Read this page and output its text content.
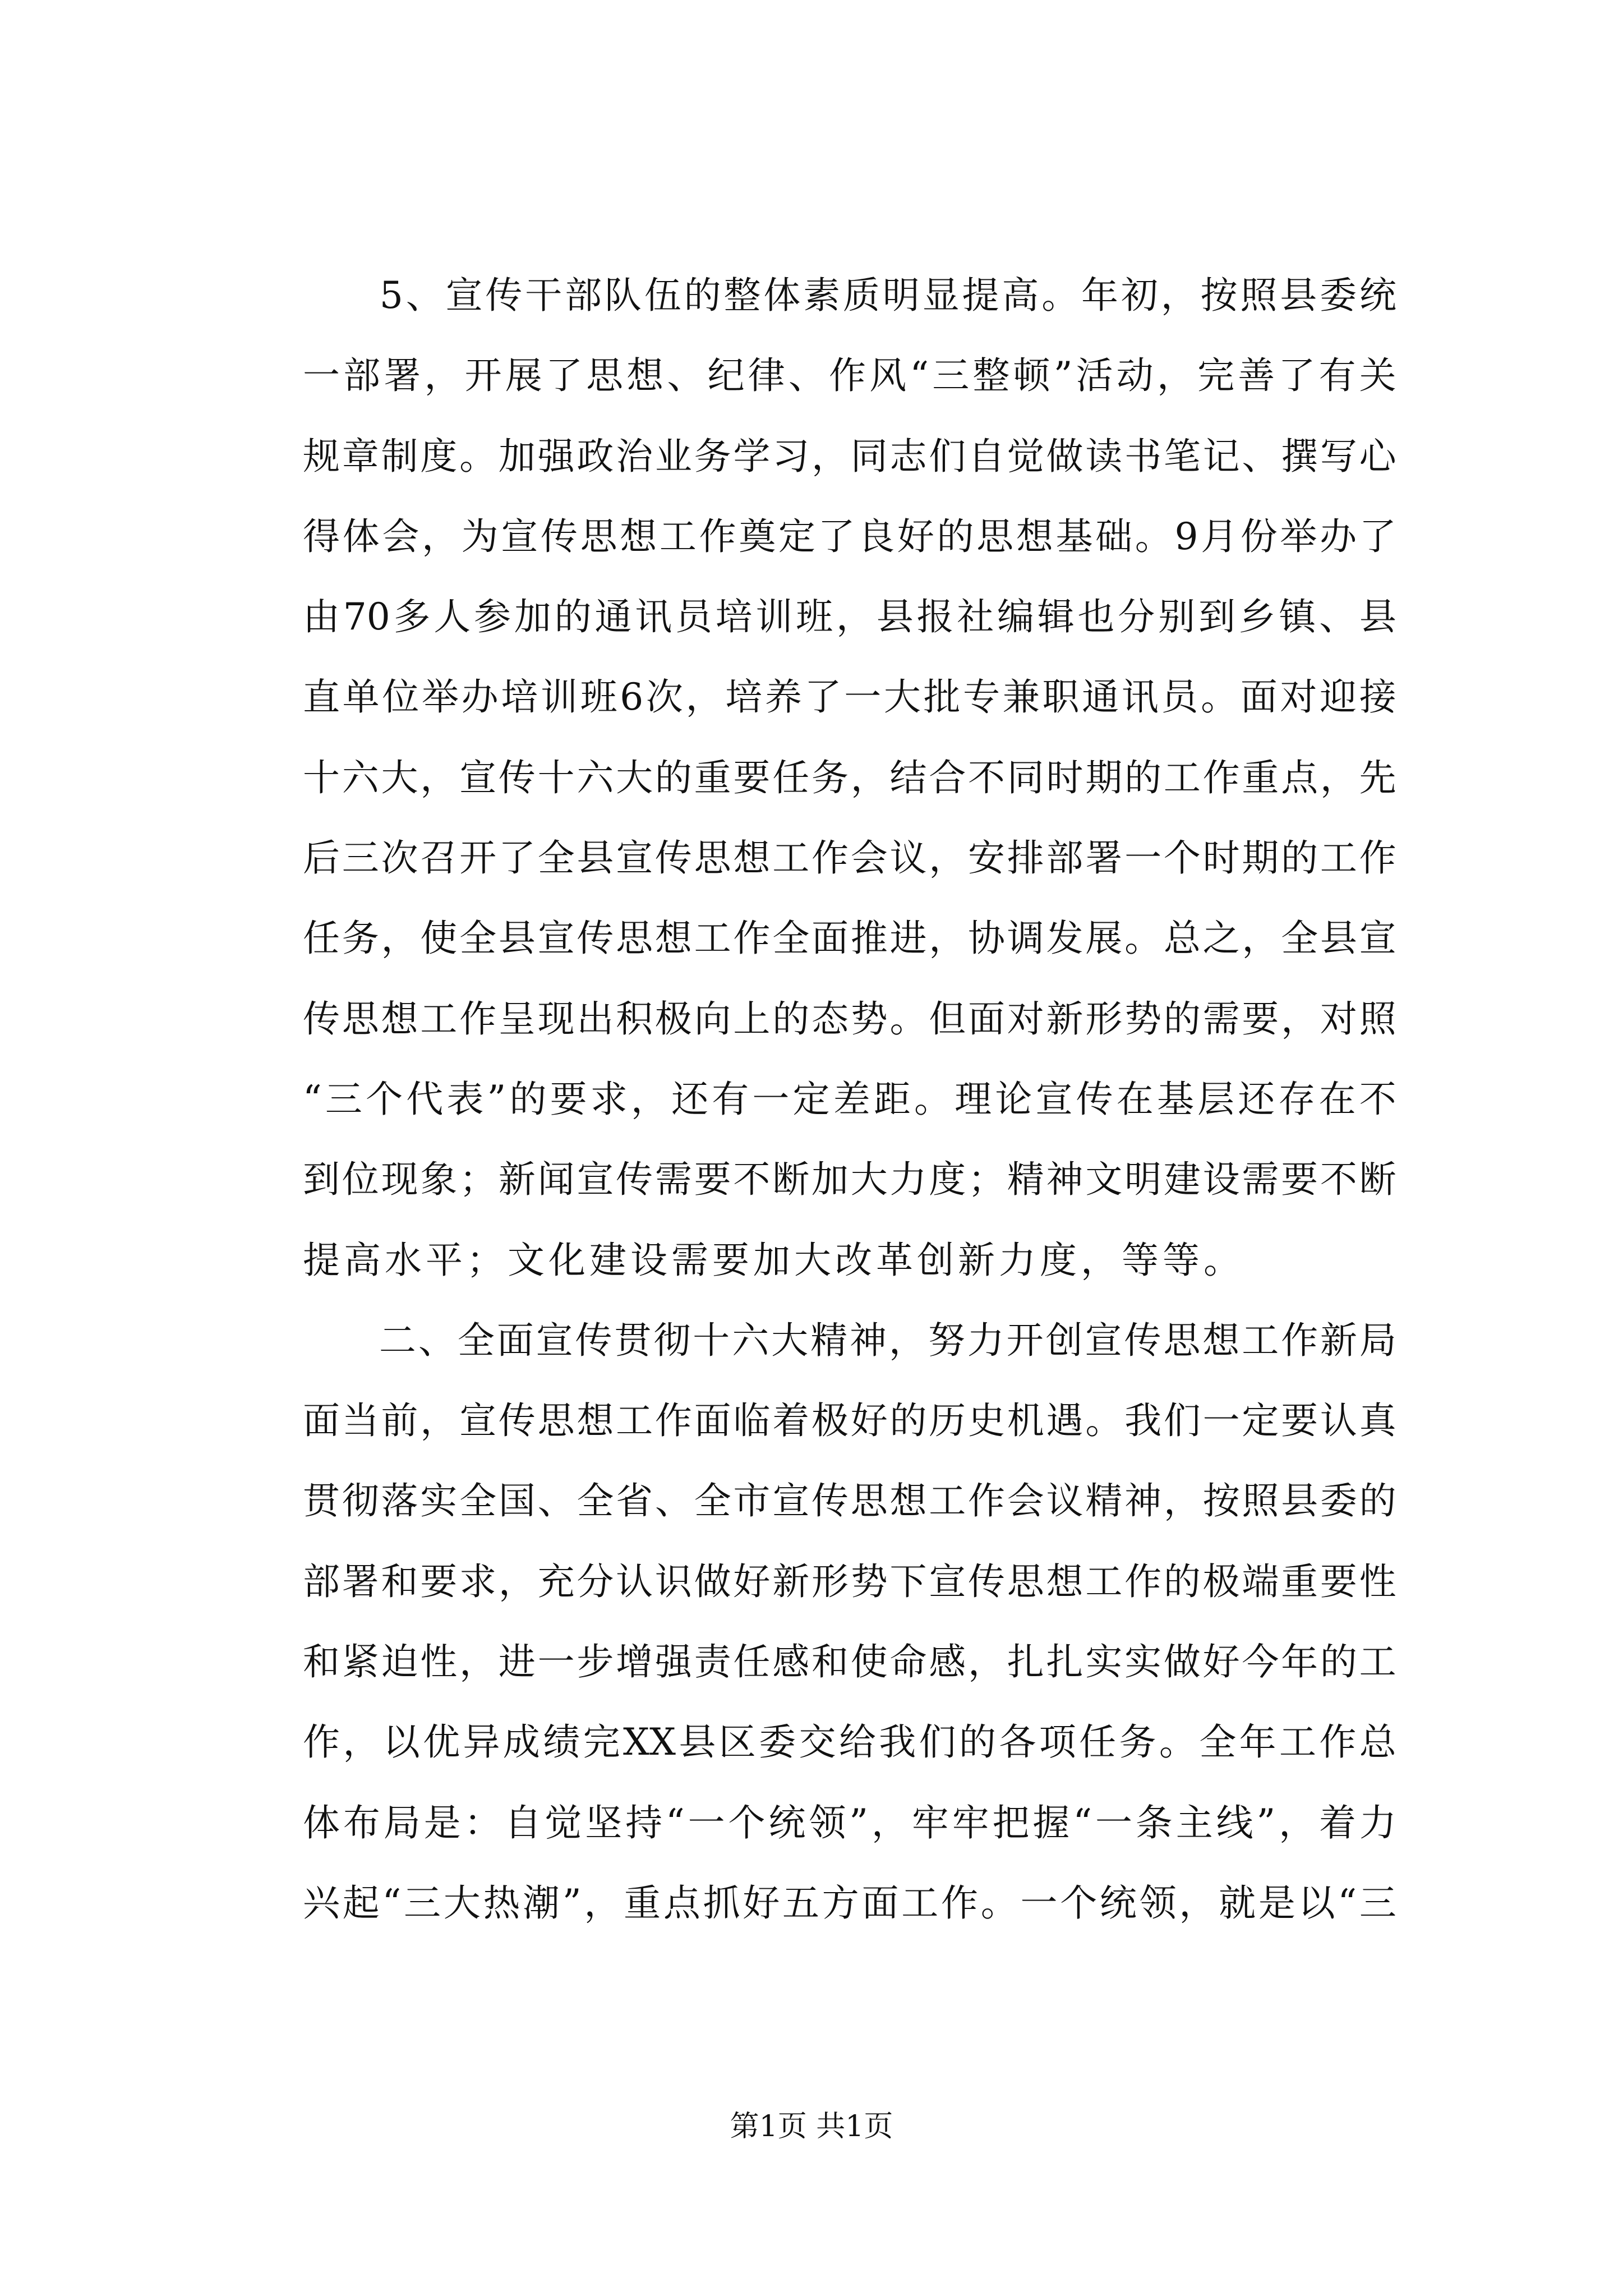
5 、 宣 传 干 部 队 伍 的 整 体 素 质 明 显 提 高 。 年 初 ， 按 照 县 委 统
一 部 署 ， 开 展 了 思 想 、 纪 律 、 作 风 “ 三 整 顿 ” 活 动 ， 完 善 了 有 关
规 章 制 度 。 加 强 政 治 业 务 学 习 ， 同 志 们 自 觉 做 读 书 笔 记 、 撰 写 心
得 体 会 ， 为 宣 传 思 想 工 作 奠 定 了 良 好 的 思 想 基 础 。 9 月 份 举 办 了
由 70 多 人 参 加 的 通 讯 员 培 训 班 ， 县 报 社 编 辑 也 分 别 到 乡 镇 、 县
直 单 位 举 办 培 训 班 6 次 ， 培 养 了 一 大 批 专 兼 职 通 讯 员 。 面 对 迎 接
十 六 大 ， 宣 传 十 六 大 的 重 要 任 务 ， 结 合 不 同 时 期 的 工 作 重 点 ， 先
后 三 次 召 开 了 全 县 宣 传 思 想 工 作 会 议 ， 安 排 部 署 一 个 时 期 的 工 作
任 务 ， 使 全 县 宣 传 思 想 工 作 全 面 推 进 ， 协 调 发 展 。 总 之 ， 全 县 宣
传 思 想 工 作 呈 现 出 积 极 向 上 的 态 势 。 但 面 对 新 形 势 的 需 要 ， 对 照
“ 三 个 代 表 ” 的 要 求 ， 还 有 一 定 差 距 。 理 论 宣 传 在 基 层 还 存 在 不
到 位 现 象 ； 新 闻 宣 传 需 要 不 断 加 大 力 度 ； 精 神 文 明 建 设 需 要 不 断
提 高 水 平 ； 文 化 建 设 需 要 加 大 改 革 创 新 力 度 ， 等 等 。
二 、 全 面 宣 传 贯 彻 十 六 大 精 神 ， 努 力 开 创 宣 传 思 想 工 作 新 局
面 当 前 ， 宣 传 思 想 工 作 面 临 着 极 好 的 历 史 机 遇 。 我 们 一 定 要 认 真
贯 彻 落 实 全 国 、 全 省 、 全 市 宣 传 思 想 工 作 会 议 精 神 ， 按 照 县 委 的
部 署 和 要 求 ， 充 分 认 识 做 好 新 形 势 下 宣 传 思 想 工 作 的 极 端 重 要 性
和 紧 迫 性 ， 进 一 步 增 强 责 任 感 和 使 命 感 ， 扎 扎 实 实 做 好 今 年 的 工
作 ， 以 优 异 成 绩 完 XX 县 区 委 交 给 我 们 的 各 项 任 务 。 全 年 工 作 总
体 布 局 是 ： 自 觉 坚 持 “ 一 个 统 领 ” ， 牢 牢 把 握 “ 一 条 主 线 ” ， 着 力
兴 起 “ 三 大 热 潮 ” ， 重 点 抓 好 五 方 面 工 作 。 一 个 统 领 ， 就 是 以 “ 三
第1页 共1页
